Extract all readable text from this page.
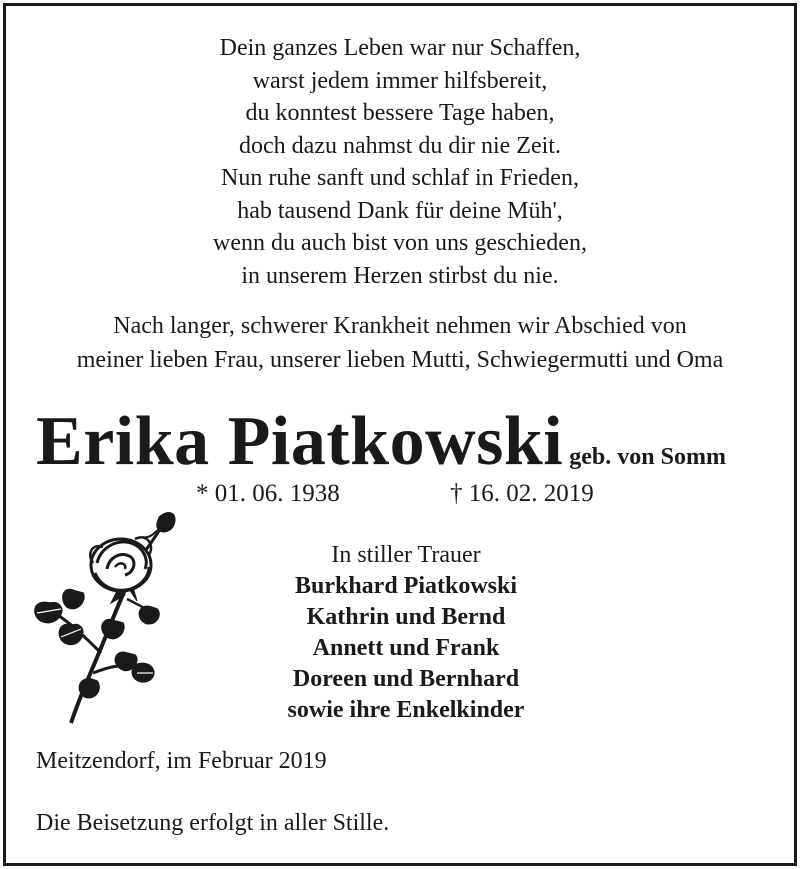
Dein ganzes Leben war nur Schaffen,
warst jedem immer hilfsbereit,
du konntest bessere Tage haben,
doch dazu nahmst du dir nie Zeit.
Nun ruhe sanft und schlaf in Frieden,
hab tausend Dank für deine Müh',
wenn du auch bist von uns geschieden,
in unserem Herzen stirbst du nie.
Nach langer, schwerer Krankheit nehmen wir Abschied von
meiner lieben Frau, unserer lieben Mutti, Schwiegermutti und Oma
Erika Piatkowski geb. von Somm
* 01. 06. 1938	† 16. 02. 2019
In stiller Trauer
Burkhard Piatkowski
Kathrin und Bernd
Annett und Frank
Doreen und Bernhard
sowie ihre Enkelkinder
Meitzendorf, im Februar 2019
Die Beisetzung erfolgt in aller Stille.
